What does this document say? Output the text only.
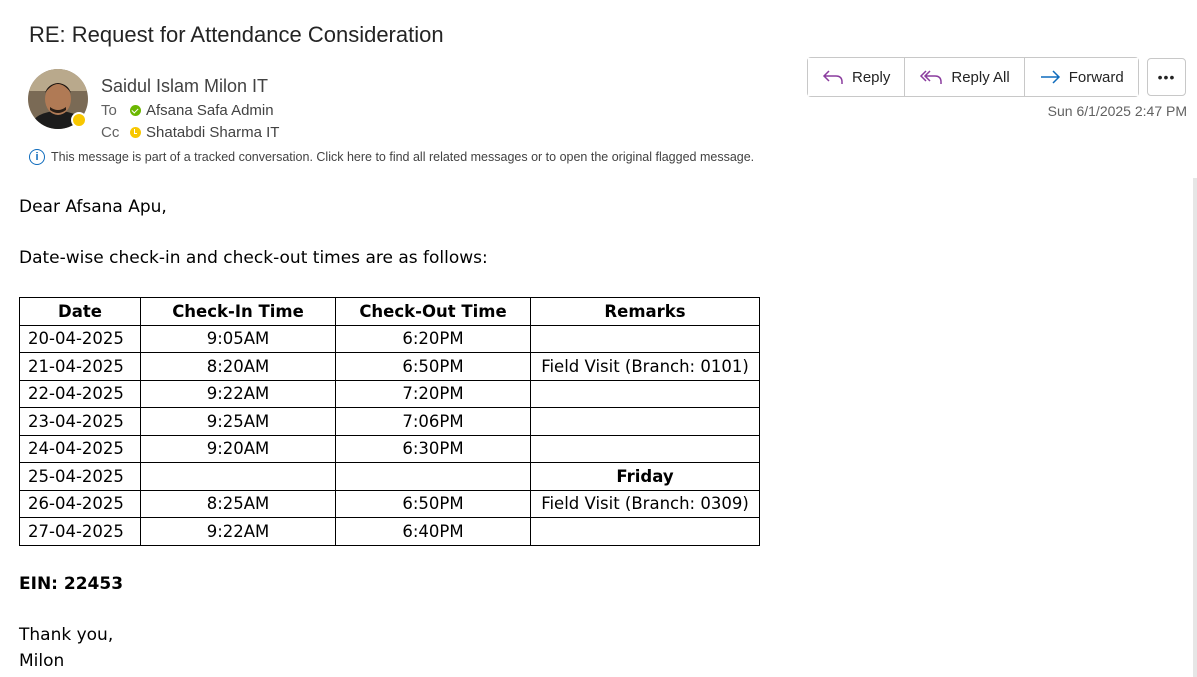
RE: Request for Attendance Consideration
Saidul Islam Milon IT
To	Afsana Safa Admin
Cc	Shatabdi Sharma IT
Reply	Reply All	Forward •••
Sun 6/1/2025 2:47 PM
i This message is part of a tracked conversation. Click here to find all related messages or to open the original flagged message.
Dear Afsana Apu,
Date-wise check-in and check-out times are as follows:
Date	Check-In Time	Check-Out Time	Remarks
20-04-2025	9:05AM	6:20PM	
21-04-2025	8:20AM	6:50PM	Field Visit (Branch: 0101)
22-04-2025	9:22AM	7:20PM	
23-04-2025	9:25AM	7:06PM	
24-04-2025	9:20AM	6:30PM	
25-04-2025			Friday
26-04-2025	8:25AM	6:50PM	Field Visit (Branch: 0309)
27-04-2025	9:22AM	6:40PM	
EIN: 22453
Thank you,
Milon
